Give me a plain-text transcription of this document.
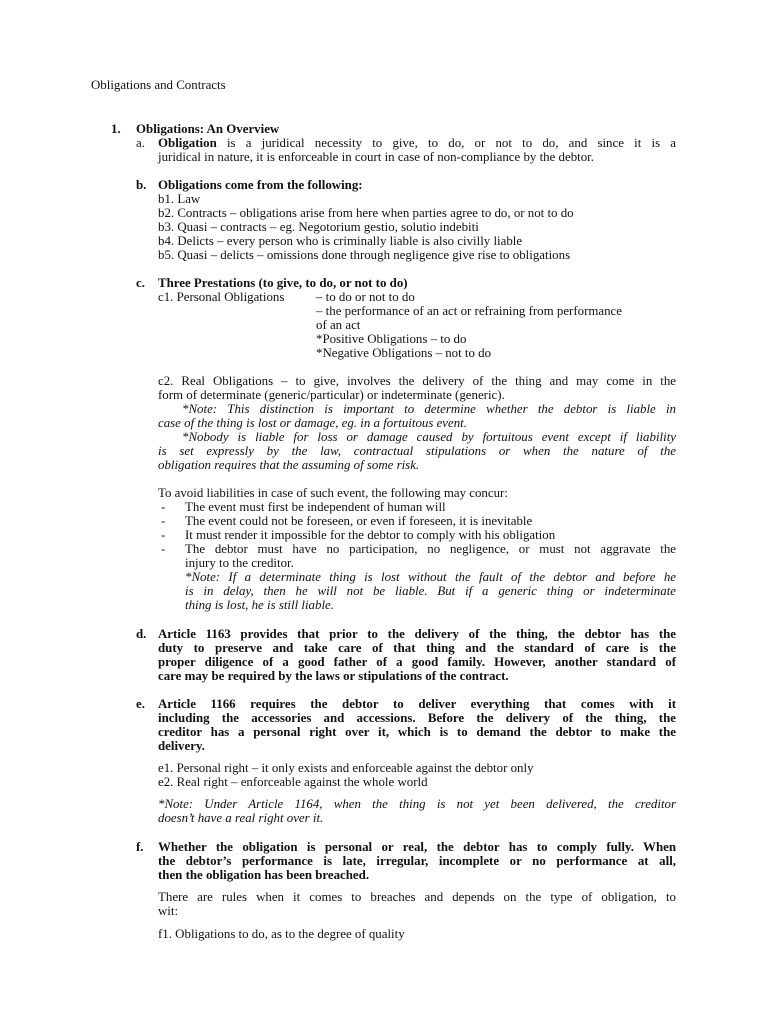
Obligations and Contracts
1. Obligations: An Overview
a. Obligation is a juridical necessity to give, to do, or not to do, and since it is a
juridical in nature, it is enforceable in court in case of non-compliance by the debtor.
b. Obligations come from the following:
b1. Law
b2. Contracts – obligations arise from here when parties agree to do, or not to do
b3. Quasi – contracts – eg. Negotorium gestio, solutio indebiti
b4. Delicts – every person who is criminally liable is also civilly liable
b5. Quasi – delicts – omissions done through negligence give rise to obligations
c. Three Prestations (to give, to do, or not to do)
c1. Personal Obligations – to do or not to do
– the performance of an act or refraining from performance
of an act
*Positive Obligations – to do
*Negative Obligations – not to do
c2. Real Obligations – to give, involves the delivery of the thing and may come in the
form of determinate (generic/particular) or indeterminate (generic).
*Note: This distinction is important to determine whether the debtor is liable in
case of the thing is lost or damage, eg. in a fortuitous event.
*Nobody is liable for loss or damage caused by fortuitous event except if liability
is set expressly by the law, contractual stipulations or when the nature of the
obligation requires that the assuming of some risk.
To avoid liabilities in case of such event, the following may concur:
- The event must first be independent of human will
- The event could not be foreseen, or even if foreseen, it is inevitable
- It must render it impossible for the debtor to comply with his obligation
- The debtor must have no participation, no negligence, or must not aggravate the
injury to the creditor.
*Note: If a determinate thing is lost without the fault of the debtor and before he
is in delay, then he will not be liable. But if a generic thing or indeterminate
thing is lost, he is still liable.
d. Article 1163 provides that prior to the delivery of the thing, the debtor has the
duty to preserve and take care of that thing and the standard of care is the
proper diligence of a good father of a good family. However, another standard of
care may be required by the laws or stipulations of the contract.
e. Article 1166 requires the debtor to deliver everything that comes with it
including the accessories and accessions. Before the delivery of the thing, the
creditor has a personal right over it, which is to demand the debtor to make the
delivery.
e1. Personal right – it only exists and enforceable against the debtor only
e2. Real right – enforceable against the whole world
*Note: Under Article 1164, when the thing is not yet been delivered, the creditor
doesn’t have a real right over it.
f. Whether the obligation is personal or real, the debtor has to comply fully. When
the debtor’s performance is late, irregular, incomplete or no performance at all,
then the obligation has been breached.
There are rules when it comes to breaches and depends on the type of obligation, to
wit:
f1. Obligations to do, as to the degree of quality
